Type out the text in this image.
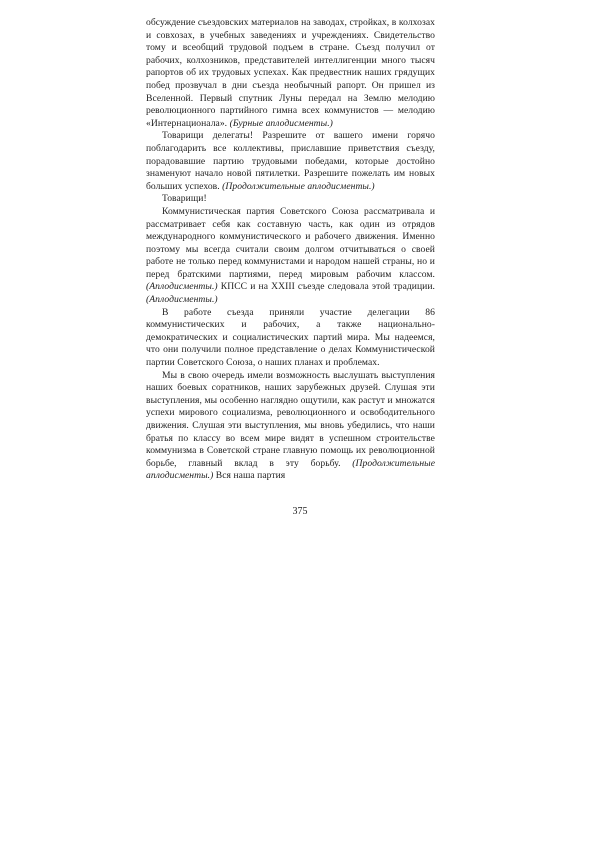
обсуждение съездовских материалов на заводах, стройках, в колхозах и совхозах, в учебных заведениях и учреждениях. Свидетельство тому и всеобщий трудовой подъем в стране. Съезд получил от рабочих, колхозников, представителей интеллигенции много тысяч рапортов об их трудовых успехах. Как предвестник наших грядущих побед прозвучал в дни съезда необычный рапорт. Он пришел из Вселенной. Первый спутник Луны передал на Землю мелодию революционного партийного гимна всех коммунистов — мелодию «Интернационала». (Бурные аплодисменты.)

Товарищи делегаты! Разрешите от вашего имени горячо поблагодарить все коллективы, приславшие приветствия съезду, порадовавшие партию трудовыми победами, которые достойно знаменуют начало новой пятилетки. Разрешите пожелать им новых больших успехов. (Продолжительные аплодисменты.)

Товарищи!

Коммунистическая партия Советского Союза рассматривала и рассматривает себя как составную часть, как один из отрядов международного коммунистического и рабочего движения. Именно поэтому мы всегда считали своим долгом отчитываться о своей работе не только перед коммунистами и народом нашей страны, но и перед братскими партиями, перед мировым рабочим классом. (Аплодисменты.) КПСС и на XXIII съезде следовала этой традиции. (Аплодисменты.)

В работе съезда приняли участие делегации 86 коммунистических и рабочих, а также национально-демократических и социалистических партий мира. Мы надеемся, что они получили полное представление о делах Коммунистической партии Советского Союза, о наших планах и проблемах.

Мы в свою очередь имели возможность выслушать выступления наших боевых соратников, наших зарубежных друзей. Слушая эти выступления, мы особенно наглядно ощутили, как растут и множатся успехи мирового социализма, революционного и освободительного движения. Слушая эти выступления, мы вновь убедились, что наши братья по классу во всем мире видят в успешном строительстве коммунизма в Советской стране главную помощь их революционной борьбе, главный вклад в эту борьбу. (Продолжительные аплодисменты.) Вся наша партия

375
